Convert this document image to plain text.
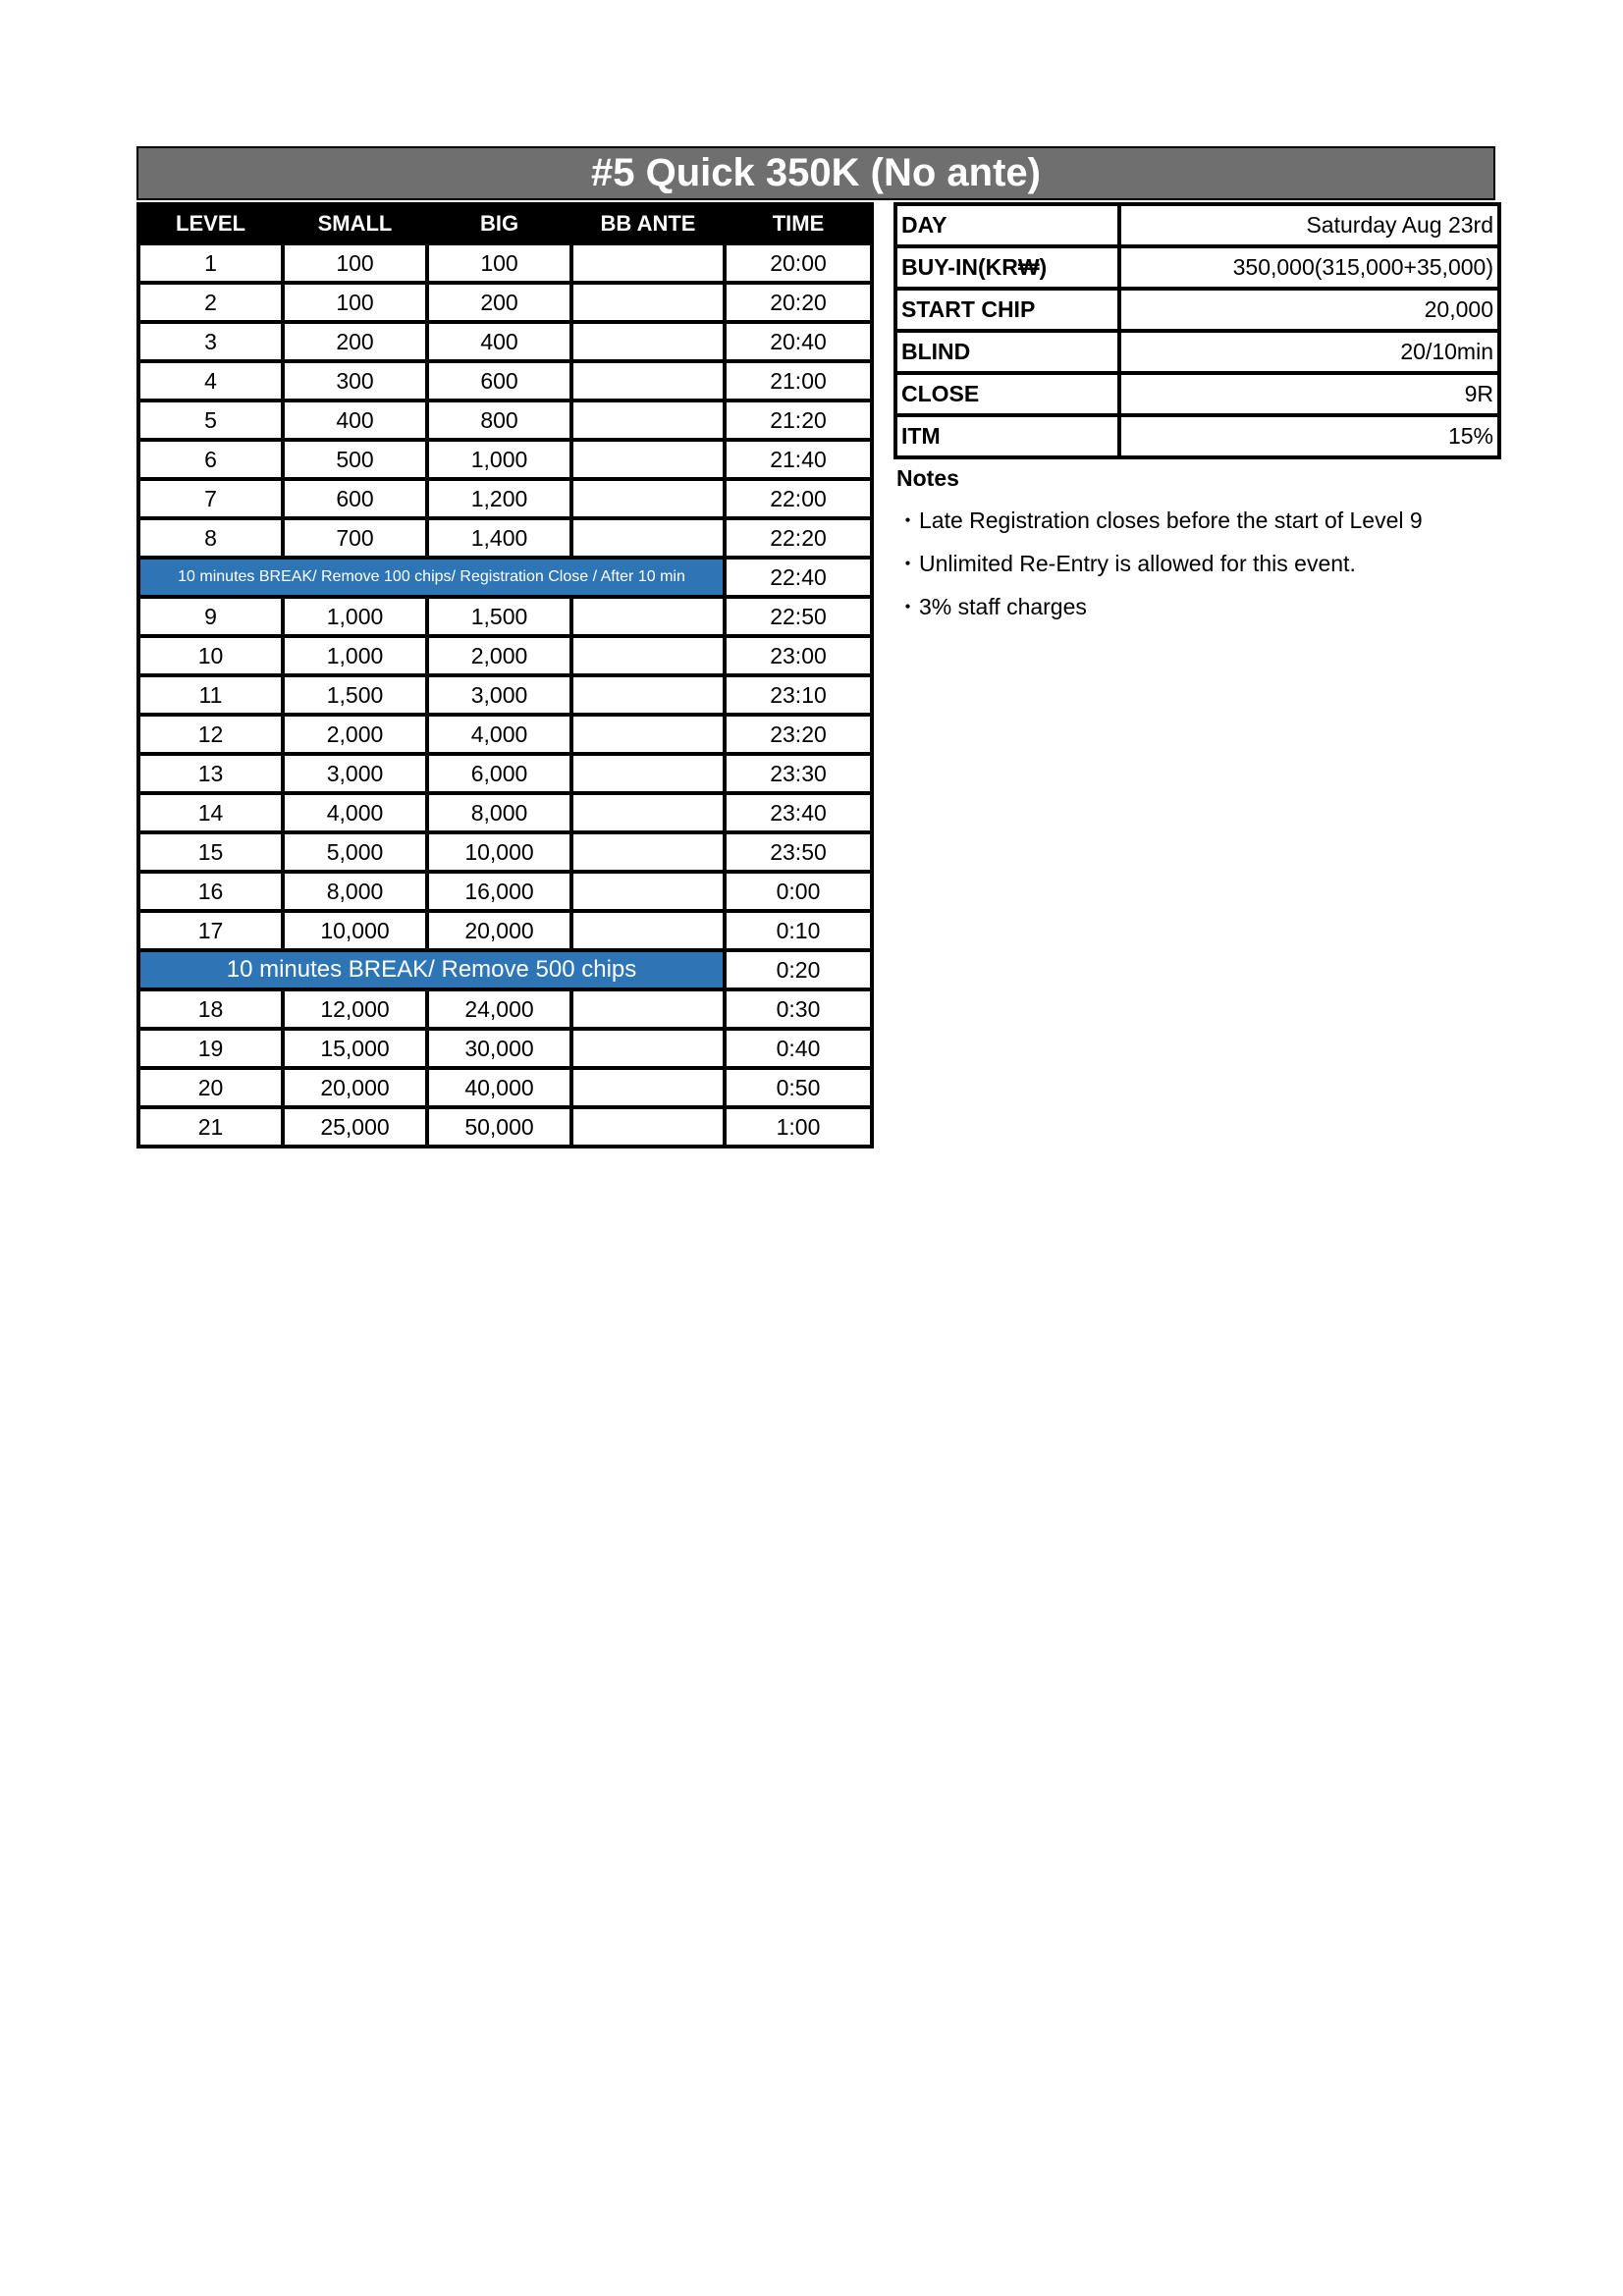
#5 Quick 350K (No ante)
LEVEL	SMALL	BIG	BB ANTE	TIME
1	100	100		20:00
2	100	200		20:20
3	200	400		20:40
4	300	600		21:00
5	400	800		21:20
6	500	1,000		21:40
7	600	1,200		22:00
8	700	1,400		22:20
10 minutes BREAK/ Remove 100 chips/ Registration Close / After 10 min				22:40
9	1,000	1,500		22:50
10	1,000	2,000		23:00
11	1,500	3,000		23:10
12	2,000	4,000		23:20
13	3,000	6,000		23:30
14	4,000	8,000		23:40
15	5,000	10,000		23:50
16	8,000	16,000		0:00
17	10,000	20,000		0:10
10 minutes BREAK/ Remove 500 chips				0:20
18	12,000	24,000		0:30
19	15,000	30,000		0:40
20	20,000	40,000		0:50
21	25,000	50,000		1:00
DAY	Saturday Aug 23rd
BUY-IN(KR₩)	350,000(315,000+35,000)
START CHIP	20,000
BLIND	20/10min
CLOSE	9R
ITM	15%
Notes
・Late Registration closes before the start of Level 9
・Unlimited Re-Entry is allowed for this event.
・3% staff charges
